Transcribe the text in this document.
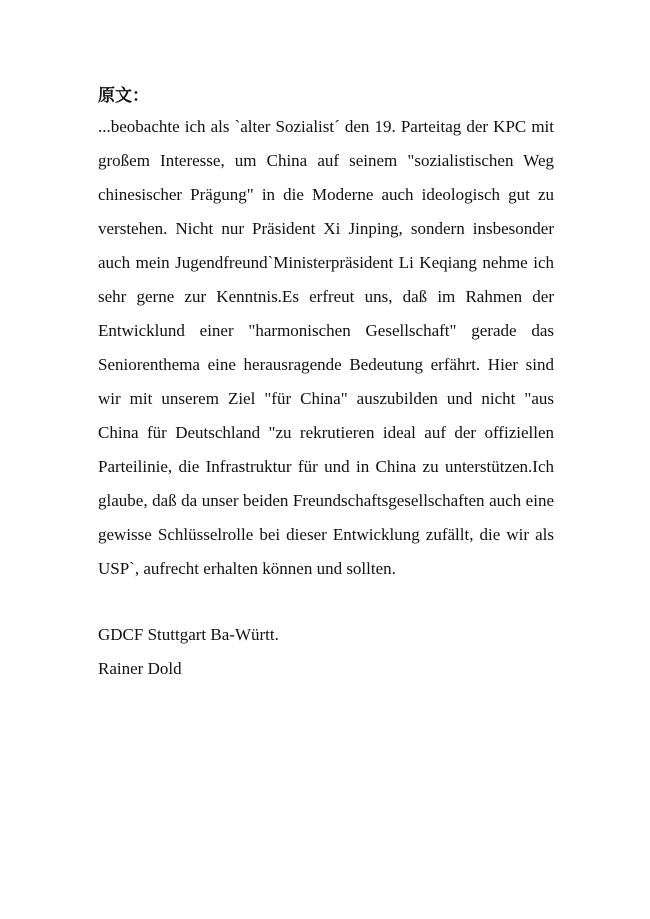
原文：

...beobachte ich als `alter Sozialist´ den 19. Parteitag der KPC mit großem Interesse, um China auf seinem "sozialistischen Weg chinesischer Prägung" in die Moderne auch ideologisch gut zu verstehen. Nicht nur Präsident Xi Jinping, sondern insbesonder auch mein Jugendfreund`Ministerpräsident Li Keqiang nehme ich sehr gerne zur Kenntnis.Es erfreut uns, daß im Rahmen der Entwicklund einer "harmonischen Gesellschaft" gerade das Seniorenthema eine herausragende Bedeutung erfährt. Hier sind wir mit unserem Ziel "für China" auszubilden und nicht "aus China für Deutschland "zu rekrutieren ideal auf der offiziellen Parteilinie, die Infrastruktur für und in China zu unterstützen.Ich glaube, daß da unser beiden Freundschaftsgesellschaften auch eine gewisse Schlüsselrolle bei dieser Entwicklung zufällt, die wir als USP`, aufrecht erhalten können und sollten.

GDCF Stuttgart Ba-Württ.

Rainer Dold
